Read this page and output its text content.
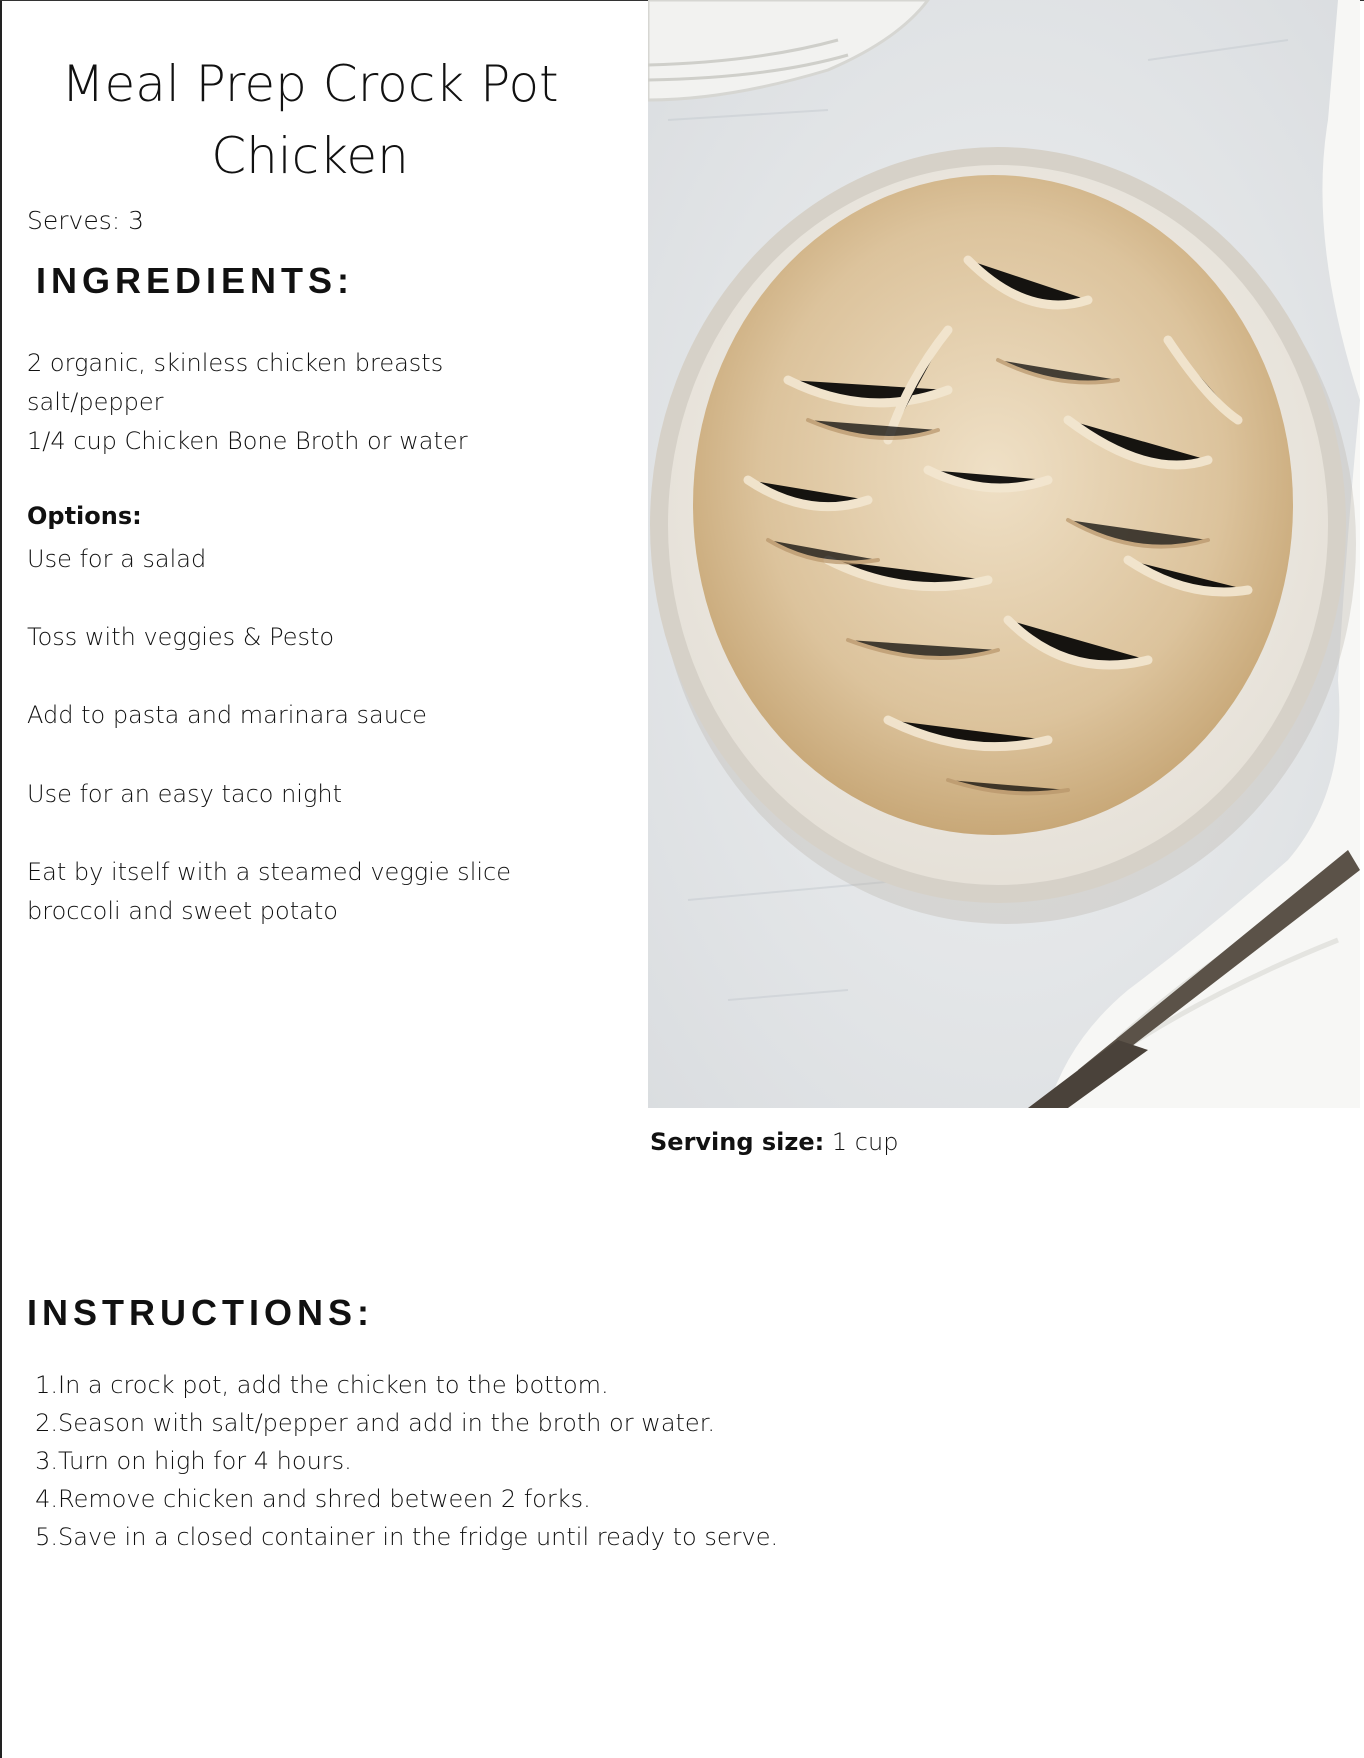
Meal Prep Crock Pot Chicken

Serves: 3

INGREDIENTS:
2 organic, skinless chicken breasts
salt/pepper
1/4 cup Chicken Bone Broth or water

Options:

Use for a salad

Toss with veggies & Pesto

Add to pasta and marinara sauce

Use for an easy taco night

Eat by itself with a steamed veggie slice broccoli and sweet potato

Serving size: 1 cup

INSTRUCTIONS:
1. In a crock pot, add the chicken to the bottom.
2. Season with salt/pepper and add in the broth or water.
3. Turn on high for 4 hours.
4. Remove chicken and shred between 2 forks.
5. Save in a closed container in the fridge until ready to serve.
